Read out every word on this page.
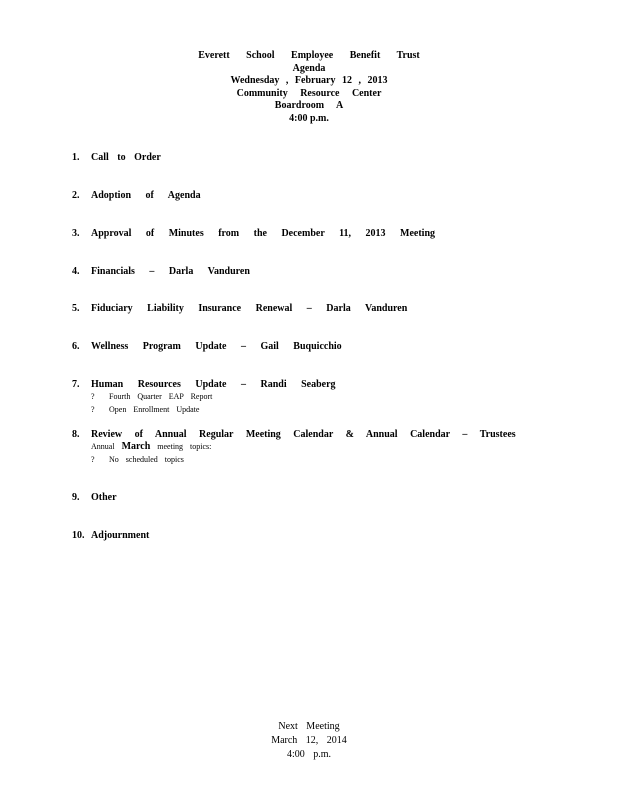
Everett School Employee Benefit Trust
Agenda
Wednesday , February 12 , 2013
Community Resource Center
Boardroom A
4:00 p.m.
1. Call to Order
2. Adoption of Agenda
3. Approval of Minutes from the December 11, 2013 Meeting
4. Financials – Darla Vanduren
5. Fiduciary Liability Insurance Renewal – Darla Vanduren
6. Wellness Program Update – Gail Buquicchio
7. Human Resources Update – Randi Seaberg
? Fourth Quarter EAP Report
? Open Enrollment Update
8. Review of Annual Regular Meeting Calendar & Annual Calendar – Trustees
Annual March meeting topics:
? No scheduled topics
9. Other
10. Adjournment
Next Meeting
March 12, 2014
4:00 p.m.
